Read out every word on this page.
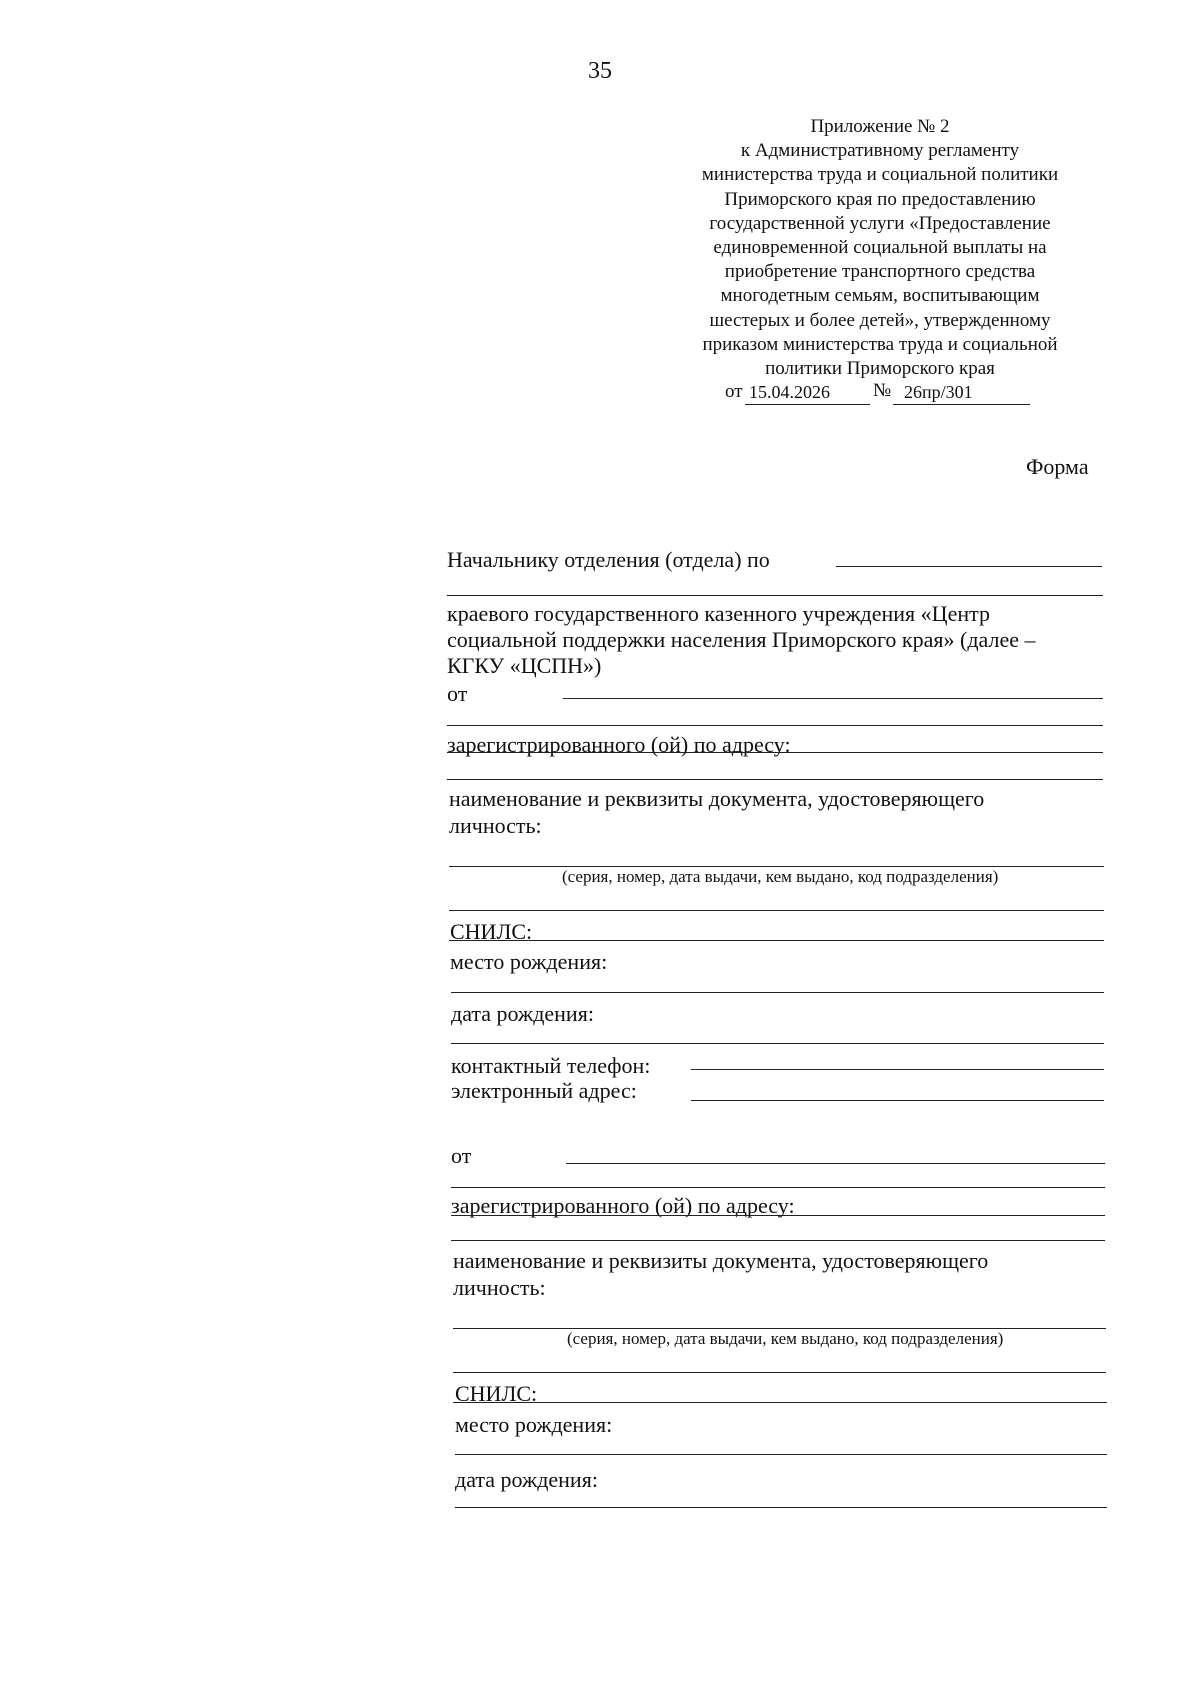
35
Приложение № 2
к Административному регламенту
министерства труда и социальной политики
Приморского края по предоставлению
государственной услуги «Предоставление
единовременной социальной выплаты на
приобретение транспортного средства
многодетным семьям, воспитывающим
шестерых и более детей», утвержденному
приказом министерства труда и социальной
политики Приморского края
от 15.04.2026 № 26пр/301
Форма
Начальнику отделения (отдела) по
краевого государственного казенного учреждения «Центр
социальной поддержки населения Приморского края» (далее –
КГКУ «ЦСПН»)
от
зарегистрированного (ой) по адресу:
наименование и реквизиты документа, удостоверяющего
личность:
(серия, номер, дата выдачи, кем выдано, код подразделения)
СНИЛС:
место рождения:
дата рождения:
контактный телефон:
электронный адрес:
от
зарегистрированного (ой) по адресу:
наименование и реквизиты документа, удостоверяющего
личность:
(серия, номер, дата выдачи, кем выдано, код подразделения)
СНИЛС:
место рождения:
дата рождения:
